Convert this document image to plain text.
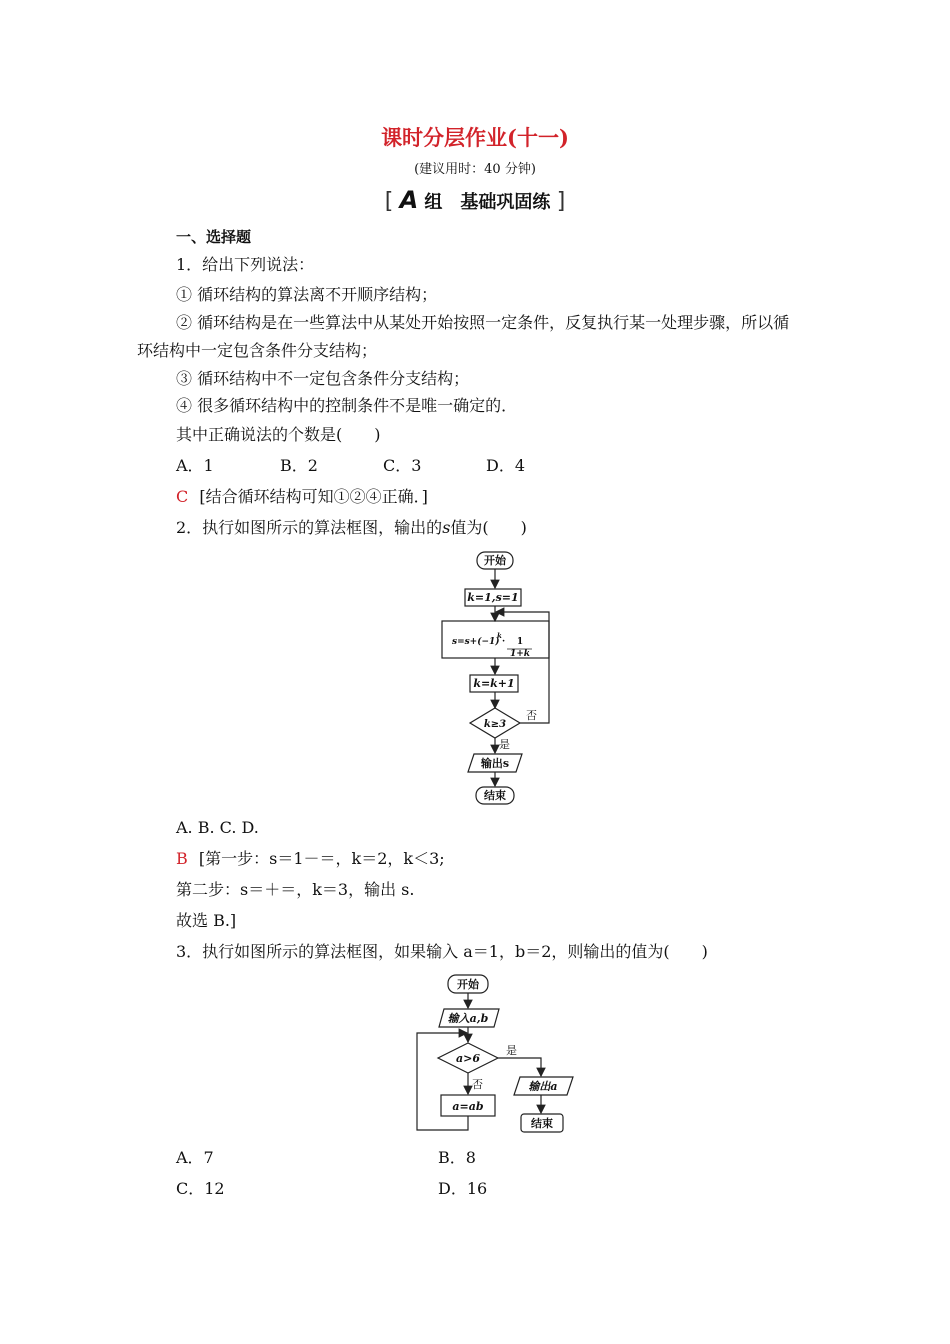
课时分层作业(十一)
(建议用时：40 分钟)
[ A 组　基础巩固练 ]
一、选择题
1．给出下列说法：
① 循环结构的算法离不开顺序结构；
② 循环结构是在一些算法中从某处开始按照一定条件，反复执行某一处理步骤，所以循
环结构中一定包含条件分支结构；
③ 循环结构中不一定包含条件分支结构；
④ 很多循环结构中的控制条件不是唯一确定的．
其中正确说法的个数是(　　)
A．1	B．2	C．3	D．4
C [结合循环结构可知①②④正确．]
2．执行如图所示的算法框图，输出的s值为(　　)
开始
k=1,s=1
s=s+(−1)
k
· 1
1+k
k=k+1
k≥3
否
是
输出s
结束
A. B. C. D.
B [第一步：s＝1－＝，k＝2，k＜3;
第二步：s＝＋＝，k＝3，输出 s.
故选 B.]
3．执行如图所示的算法框图，如果输入 a＝1，b＝2，则输出的值为(　　)
开始
输入a,b
a>6
是
否
a=ab
输出a
结束
A．7	B．8
C．12	D．16
